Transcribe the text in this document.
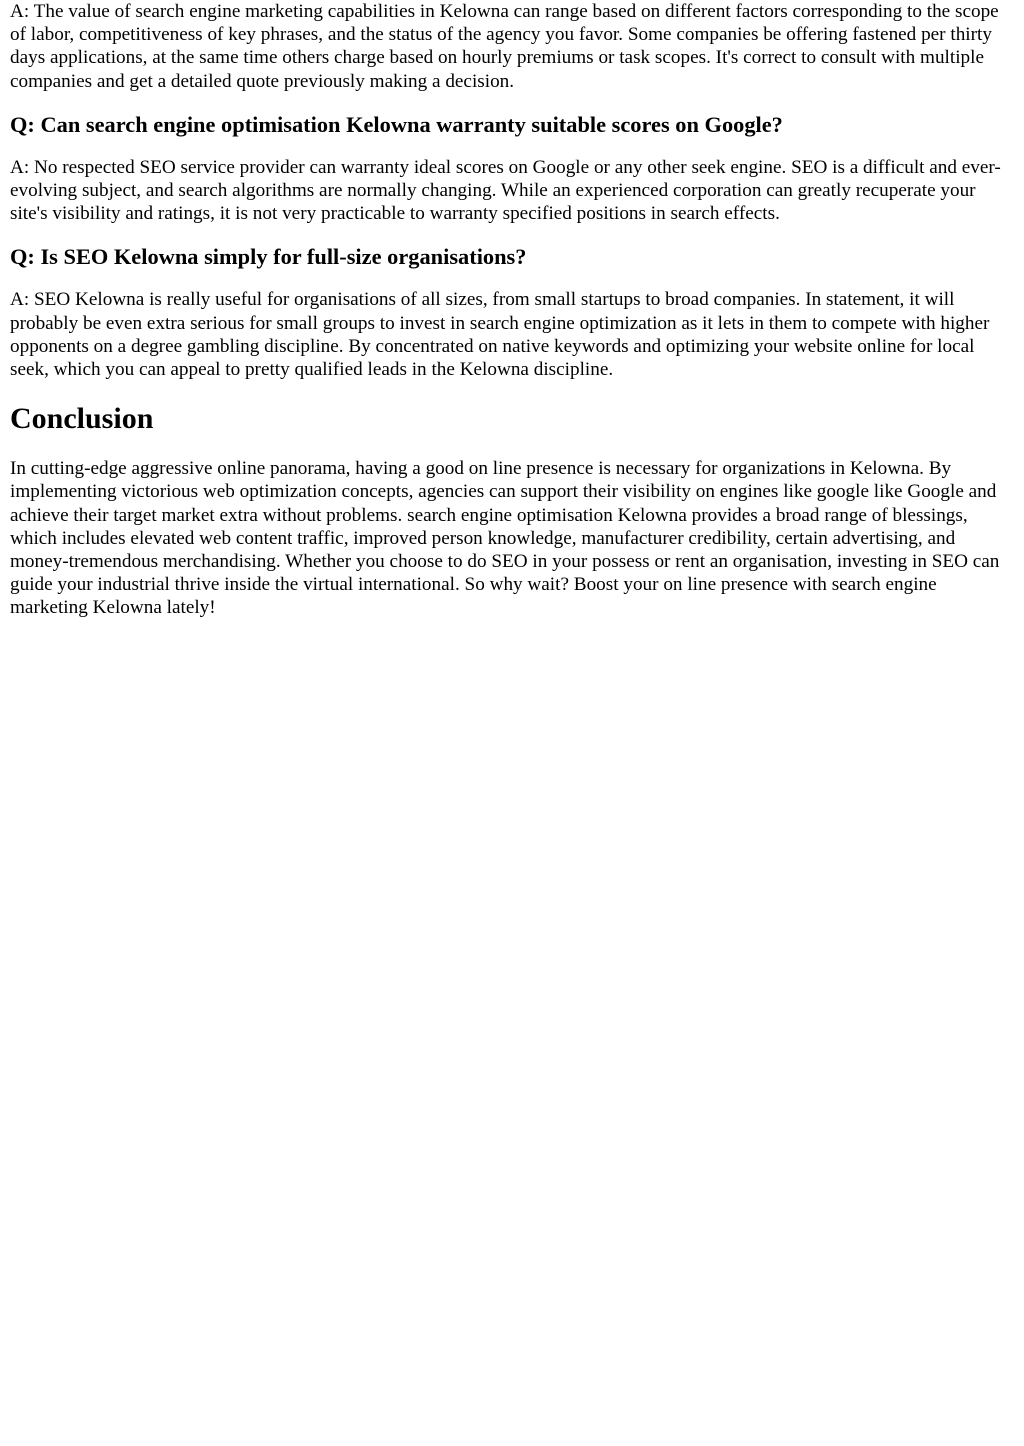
A: The value of search engine marketing capabilities in Kelowna can range based on different factors corresponding to the scope of labor, competitiveness of key phrases, and the status of the agency you favor. Some companies be offering fastened per thirty days applications, at the same time others charge based on hourly premiums or task scopes. It's correct to consult with multiple companies and get a detailed quote previously making a decision.

Q: Can search engine optimisation Kelowna warranty suitable scores on Google?

A: No respected SEO service provider can warranty ideal scores on Google or any other seek engine. SEO is a difficult and ever-evolving subject, and search algorithms are normally changing. While an experienced corporation can greatly recuperate your site's visibility and ratings, it is not very practicable to warranty specified positions in search effects.

Q: Is SEO Kelowna simply for full-size organisations?

A: SEO Kelowna is really useful for organisations of all sizes, from small startups to broad companies. In statement, it will probably be even extra serious for small groups to invest in search engine optimization as it lets in them to compete with higher opponents on a degree gambling discipline. By concentrated on native keywords and optimizing your website online for local seek, which you can appeal to pretty qualified leads in the Kelowna discipline.

Conclusion

In cutting-edge aggressive online panorama, having a good on line presence is necessary for organizations in Kelowna. By implementing victorious web optimization concepts, agencies can support their visibility on engines like google like Google and achieve their target market extra without problems. search engine optimisation Kelowna provides a broad range of blessings, which includes elevated web content traffic, improved person knowledge, manufacturer credibility, certain advertising, and money-tremendous merchandising. Whether you choose to do SEO in your possess or rent an organisation, investing in SEO can guide your industrial thrive inside the virtual international. So why wait? Boost your on line presence with search engine marketing Kelowna lately!
